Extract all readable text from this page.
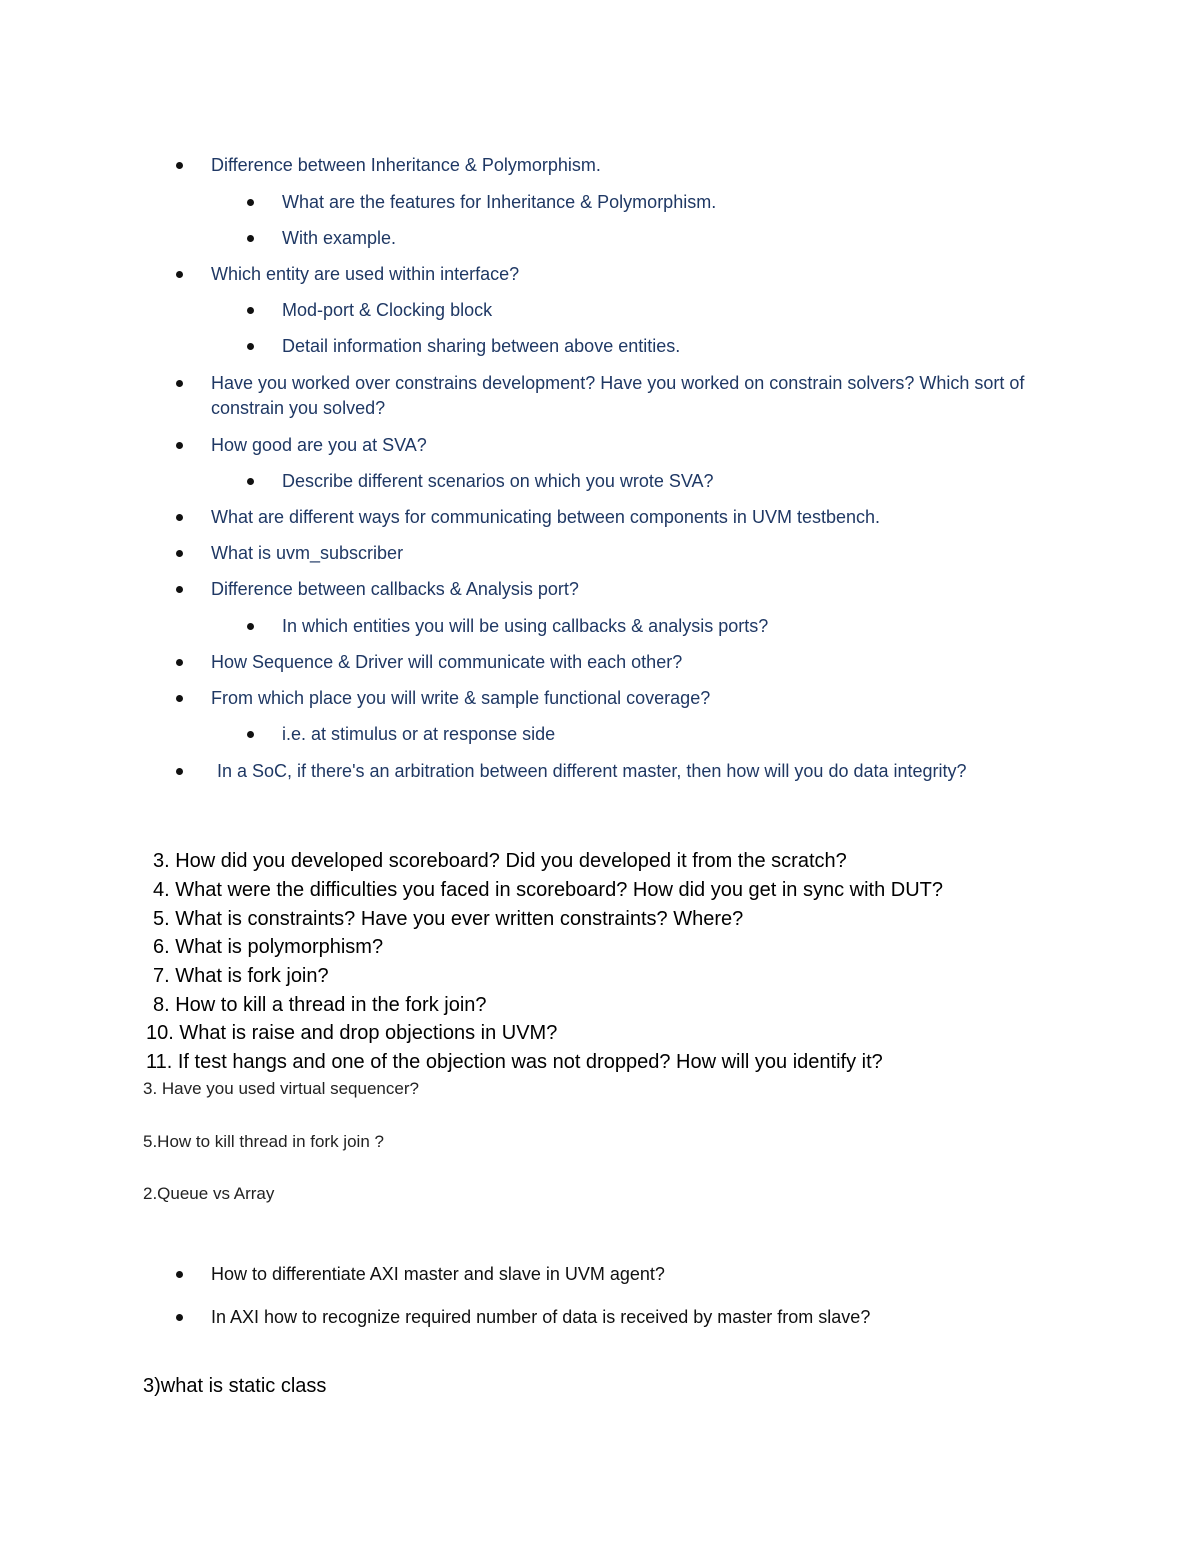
Difference between Inheritance & Polymorphism.
What are the features for Inheritance & Polymorphism.
With example.
Which entity are used within interface?
Mod-port & Clocking block
Detail information sharing between above entities.
Have you worked over constrains development? Have you worked on constrain solvers? Which sort of constrain you solved?
How good are you at SVA?
Describe different scenarios on which you wrote SVA?
What are different ways for communicating between components in UVM testbench.
What is uvm_subscriber
Difference between callbacks & Analysis port?
In which entities you will be using callbacks & analysis ports?
How Sequence & Driver will communicate with each other?
From which place you will write & sample functional coverage?
i.e. at stimulus or at response side
In a SoC, if there's an arbitration between different master, then how will you do data integrity?
3. How did you developed scoreboard? Did you developed it from the scratch?
4. What were the difficulties you faced in scoreboard? How did you get in sync with DUT?
5. What is constraints? Have you ever written constraints? Where?
6. What is polymorphism?
7. What is fork join?
8. How to kill a thread in the fork join?
10. What is raise and drop objections in UVM?
11. If test hangs and one of the objection was not dropped? How will you identify it?
3. Have you used virtual sequencer?
5.How to kill thread in fork join ?
2.Queue vs Array
How to differentiate AXI master and slave in UVM agent?
In AXI how to recognize required number of data is received by master from slave?
3)what is static class
